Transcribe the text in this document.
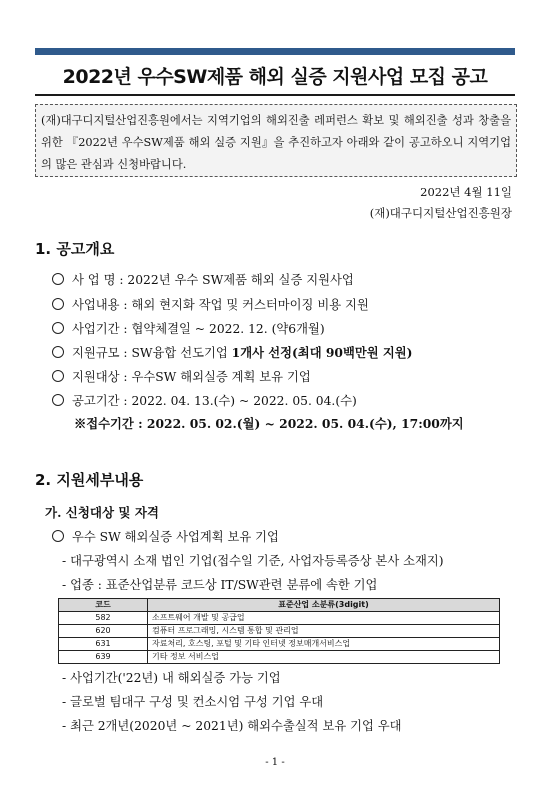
2022년 우수SW제품 해외 실증 지원사업 모집 공고
(재)대구디지털산업진흥원에서는 지역기업의 해외진출 레퍼런스 확보 및 해외진출 성과 창출을 위한 『2022년 우수SW제품 해외 실증 지원』을 추진하고자 아래와 같이 공고하오니 지역기업의 많은 관심과 신청바랍니다.
2022년 4월 11일
(재)대구디지털산업진흥원장
1. 공고개요
사 업 명 : 2022년 우수 SW제품 해외 실증 지원사업
사업내용 : 해외 현지화 작업 및 커스터마이징 비용 지원
사업기간 : 협약체결일 ~ 2022. 12. (약6개월)
지원규모 : SW융합 선도기업 1개사 선정(최대 90백만원 지원)
지원대상 : 우수SW 해외실증 계획 보유 기업
공고기간 : 2022. 04. 13.(수) ~ 2022. 05. 04.(수)
※접수기간 : 2022. 05. 02.(월) ~ 2022. 05. 04.(수), 17:00까지
2. 지원세부내용
가. 신청대상 및 자격
우수 SW 해외실증 사업계획 보유 기업
- 대구광역시 소재 법인 기업(접수일 기준, 사업자등록증상 본사 소재지)
- 업종 : 표준산업분류 코드상 IT/SW관련 분류에 속한 기업
코드	표준산업 소분류(3digit)
582	소프트웨어 개발 및 공급업
620	컴퓨터 프로그래밍, 시스템 통합 및 관리업
631	자료처리, 호스팅, 포털 및 기타 인터넷 정보매개서비스업
639	기타 정보 서비스업
- 사업기간('22년) 내 해외실증 가능 기업
- 글로벌 팀대구 구성 및 컨소시엄 구성 기업 우대
- 최근 2개년(2020년 ~ 2021년) 해외수출실적 보유 기업 우대
- 1 -
